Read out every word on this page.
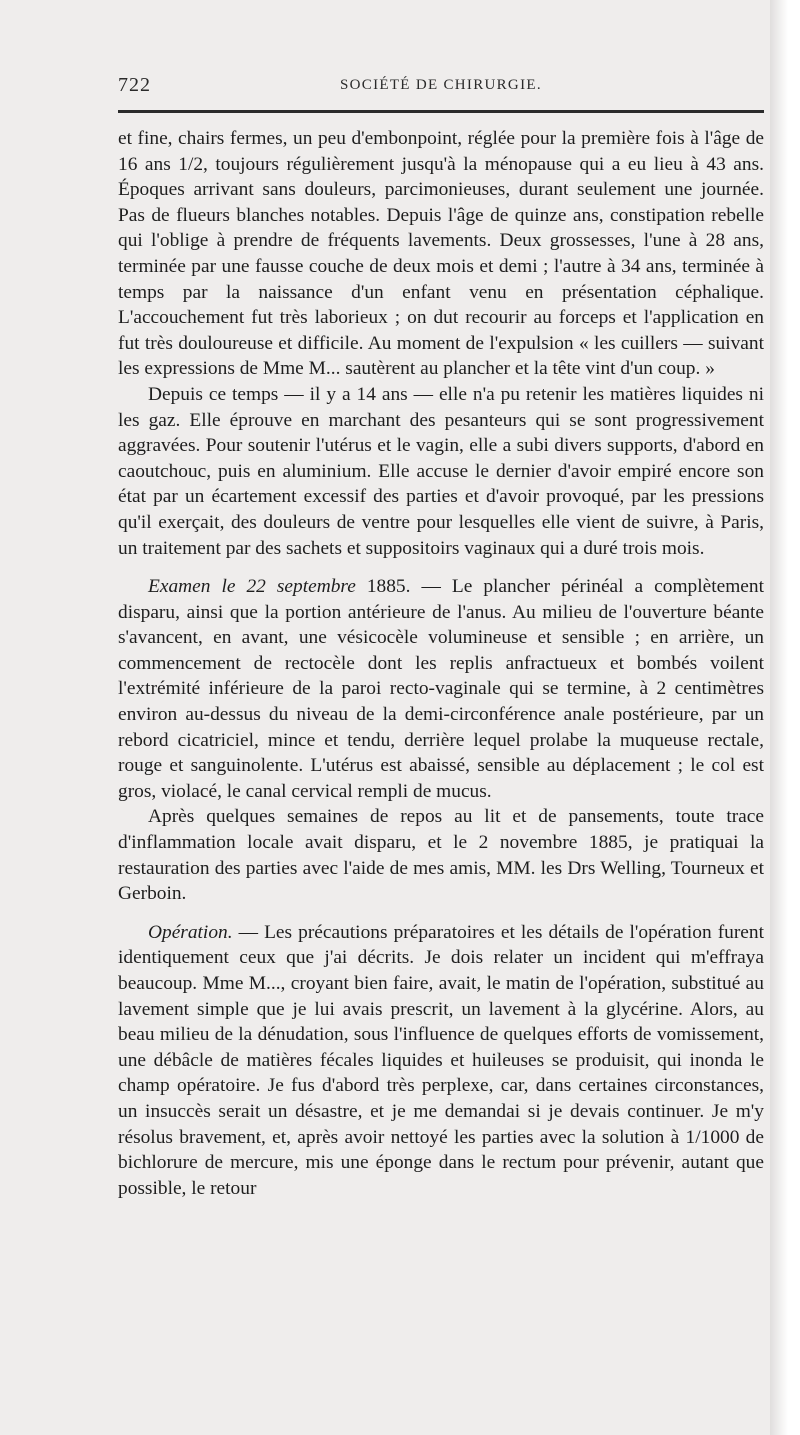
722	SOCIÉTÉ DE CHIRURGIE.

et fine, chairs fermes, un peu d'embonpoint, réglée pour la première fois à l'âge de 16 ans 1/2, toujours régulièrement jusqu'à la ménopause qui a eu lieu à 43 ans. Époques arrivant sans douleurs, parcimonieuses, durant seulement une journée. Pas de flueurs blanches notables. Depuis l'âge de quinze ans, constipation rebelle qui l'oblige à prendre de fréquents lavements. Deux grossesses, l'une à 28 ans, terminée par une fausse couche de deux mois et demi ; l'autre à 34 ans, terminée à temps par la naissance d'un enfant venu en présentation céphalique. L'accouchement fut très laborieux ; on dut recourir au forceps et l'application en fut très douloureuse et difficile. Au moment de l'expulsion « les cuillers — suivant les expressions de Mme M... sautèrent au plancher et la tête vint d'un coup. »

Depuis ce temps — il y a 14 ans — elle n'a pu retenir les matières liquides ni les gaz. Elle éprouve en marchant des pesanteurs qui se sont progressivement aggravées. Pour soutenir l'utérus et le vagin, elle a subi divers supports, d'abord en caoutchouc, puis en aluminium. Elle accuse le dernier d'avoir empiré encore son état par un écartement excessif des parties et d'avoir provoqué, par les pressions qu'il exerçait, des douleurs de ventre pour lesquelles elle vient de suivre, à Paris, un traitement par des sachets et suppositoirs vaginaux qui a duré trois mois.

Examen le 22 septembre 1885. — Le plancher périnéal a complètement disparu, ainsi que la portion antérieure de l'anus. Au milieu de l'ouverture béante s'avancent, en avant, une vésicocèle volumineuse et sensible ; en arrière, un commencement de rectocèle dont les replis anfractueux et bombés voilent l'extrémité inférieure de la paroi recto-vaginale qui se termine, à 2 centimètres environ au-dessus du niveau de la demi-circonférence anale postérieure, par un rebord cicatriciel, mince et tendu, derrière lequel prolabe la muqueuse rectale, rouge et sanguinolente. L'utérus est abaissé, sensible au déplacement ; le col est gros, violacé, le canal cervical rempli de mucus.

Après quelques semaines de repos au lit et de pansements, toute trace d'inflammation locale avait disparu, et le 2 novembre 1885, je pratiquai la restauration des parties avec l'aide de mes amis, MM. les Drs Welling, Tourneux et Gerboin.

Opération. — Les précautions préparatoires et les détails de l'opération furent identiquement ceux que j'ai décrits. Je dois relater un incident qui m'effraya beaucoup. Mme M..., croyant bien faire, avait, le matin de l'opération, substitué au lavement simple que je lui avais prescrit, un lavement à la glycérine. Alors, au beau milieu de la dénudation, sous l'influence de quelques efforts de vomissement, une débâcle de matières fécales liquides et huileuses se produisit, qui inonda le champ opératoire. Je fus d'abord très perplexe, car, dans certaines circonstances, un insuccès serait un désastre, et je me demandai si je devais continuer. Je m'y résolus bravement, et, après avoir nettoyé les parties avec la solution à 1/1000 de bichlorure de mercure, mis une éponge dans le rectum pour prévenir, autant que possible, le retour
